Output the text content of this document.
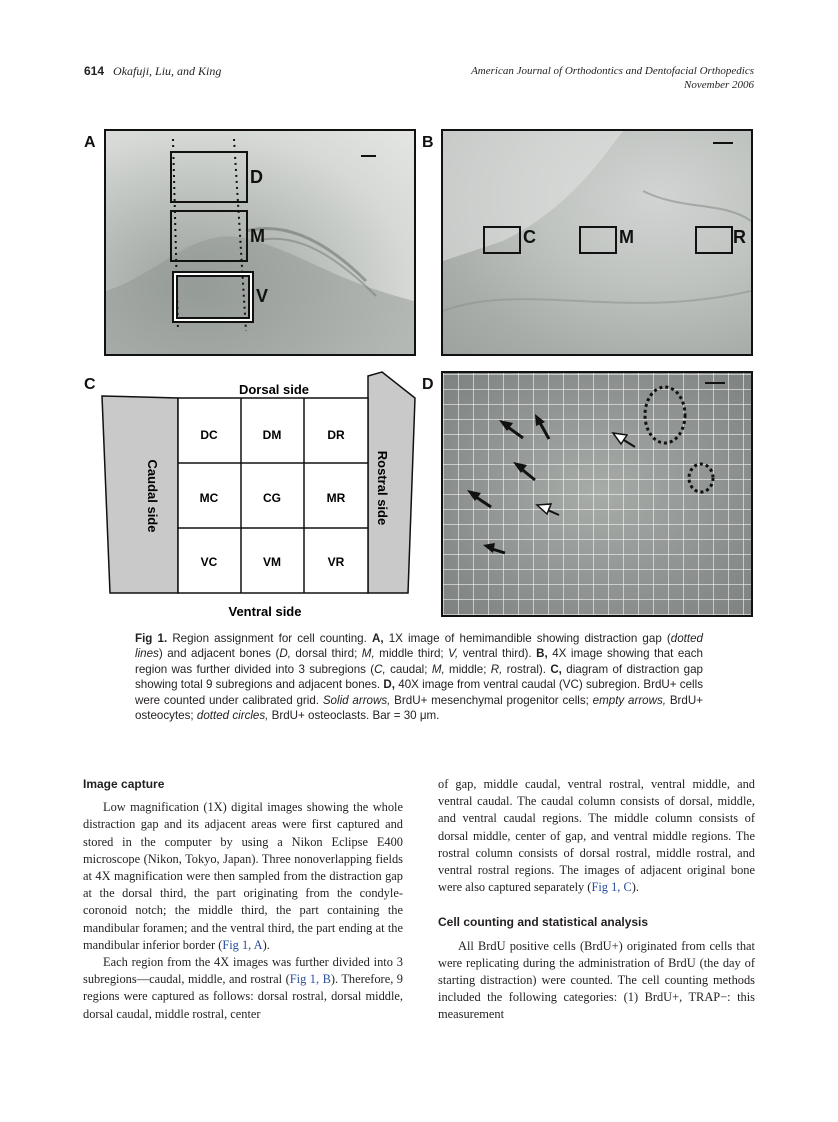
614 Okafuji, Liu, and King	American Journal of Orthodontics and Dentofacial Orthopedics
November 2006
A	B
C	D
D
M
V
C	M	R
Dorsal side
Ventral side
Caudal side	Rostral side
DC	DM	DR
MC	CG	MR
VC	VM	VR
Fig 1. Region assignment for cell counting. A, 1X image of hemimandible showing distraction gap (dotted lines) and adjacent bones (D, dorsal third; M, middle third; V, ventral third). B, 4X image showing that each region was further divided into 3 subregions (C, caudal; M, middle; R, rostral). C, diagram of distraction gap showing total 9 subregions and adjacent bones. D, 40X image from ventral caudal (VC) subregion. BrdU+ cells were counted under calibrated grid. Solid arrows, BrdU+ mesenchymal progenitor cells; empty arrows, BrdU+ osteocytes; dotted circles, BrdU+ osteoclasts. Bar = 30 μm.
Image capture

Low magnification (1X) digital images showing the whole distraction gap and its adjacent areas were first captured and stored in the computer by using a Nikon Eclipse E400 microscope (Nikon, Tokyo, Japan). Three nonoverlapping fields at 4X magnification were then sampled from the distraction gap at the dorsal third, the part originating from the condyle-coronoid notch; the middle third, the part containing the mandibular foramen; and the ventral third, the part ending at the mandibular inferior border (Fig 1, A).

Each region from the 4X images was further divided into 3 subregions—caudal, middle, and rostral (Fig 1, B). Therefore, 9 regions were captured as follows: dorsal rostral, dorsal middle, dorsal caudal, middle rostral, center

of gap, middle caudal, ventral rostral, ventral middle, and ventral caudal. The caudal column consists of dorsal, middle, and ventral caudal regions. The middle column consists of dorsal middle, center of gap, and ventral middle regions. The rostral column consists of dorsal rostral, middle rostral, and ventral rostral regions. The images of adjacent original bone were also captured separately (Fig 1, C).

Cell counting and statistical analysis

All BrdU positive cells (BrdU+) originated from cells that were replicating during the administration of BrdU (the day of starting distraction) were counted. The cell counting methods included the following categories: (1) BrdU+, TRAP−: this measurement
